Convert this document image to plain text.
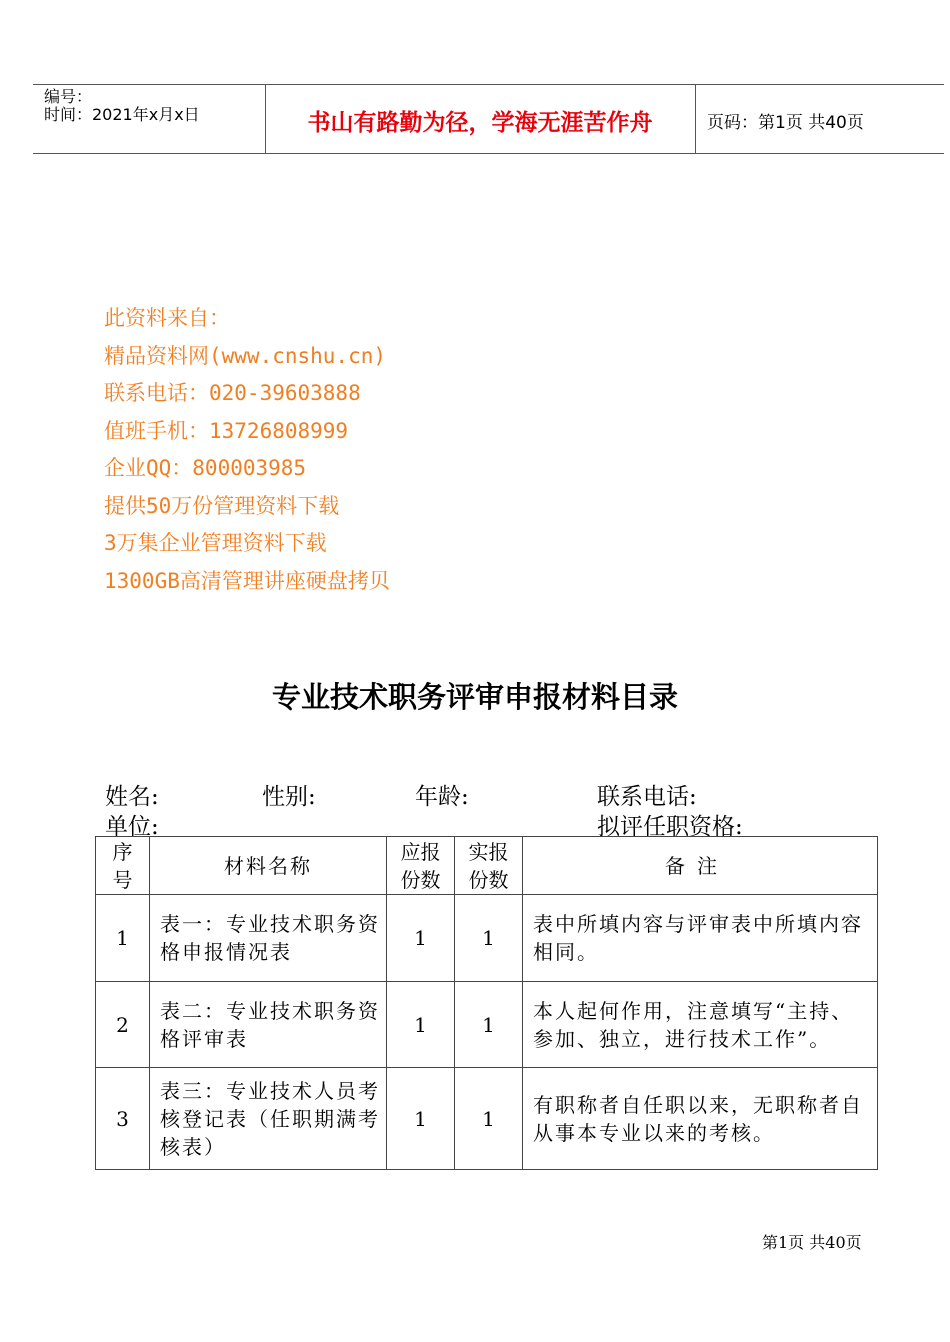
编号：
时间：2021年x月x日	书山有路勤为径，学海无涯苦作舟	页码：第1页 共40页
此资料来自：
精品资料网(www.cnshu.cn)
联系电话：020-39603888
值班手机：13726808999
企业QQ：800003985
提供50万份管理资料下载
3万集企业管理资料下载
1300GB高清管理讲座硬盘拷贝
专业技术职务评审申报材料目录
姓名:	性别:	年龄:	联系电话:
单位:	拟评任职资格:
序号	材料名称	应报份数	实报份数	备注
1	表一：专业技术职务资格申报情况表	1	1	表中所填内容与评审表中所填内容相同。
2	表二：专业技术职务资格评审表	1	1	本人起何作用，注意填写“主持、参加、独立，进行技术工作”。
3	表三：专业技术人员考核登记表（任职期满考核表）	1	1	有职称者自任职以来，无职称者自从事本专业以来的考核。
第1页 共40页
